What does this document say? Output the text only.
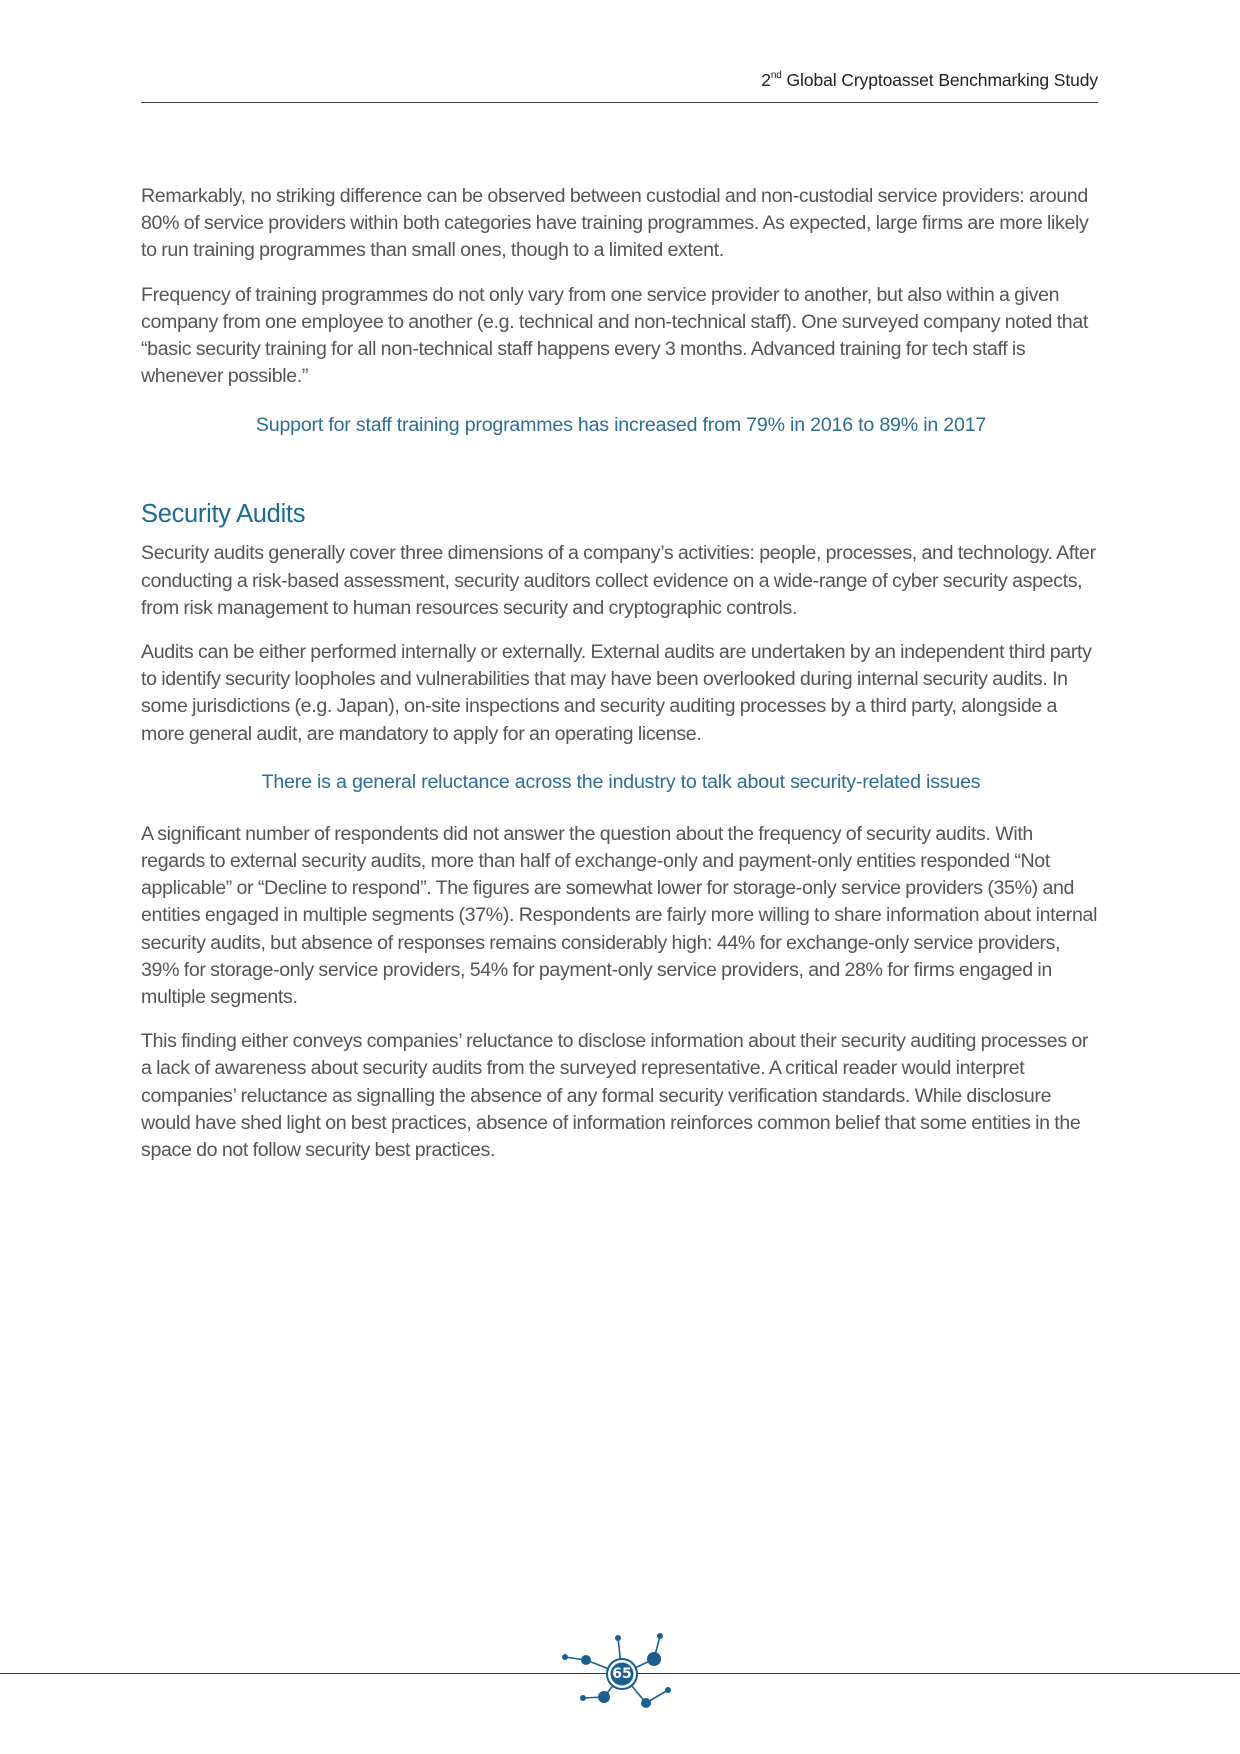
2nd Global Cryptoasset Benchmarking Study

Remarkably, no striking difference can be observed between custodial and non-custodial service providers: around 80% of service providers within both categories have training programmes. As expected, large firms are more likely to run training programmes than small ones, though to a limited extent.

Frequency of training programmes do not only vary from one service provider to another, but also within a given company from one employee to another (e.g. technical and non-technical staff). One surveyed company noted that “basic security training for all non-technical staff happens every 3 months. Advanced training for tech staff is whenever possible.”

Support for staff training programmes has increased from 79% in 2016 to 89% in 2017

Security Audits

Security audits generally cover three dimensions of a company’s activities: people, processes, and technology. After conducting a risk-based assessment, security auditors collect evidence on a wide-range of cyber security aspects, from risk management to human resources security and cryptographic controls.

Audits can be either performed internally or externally. External audits are undertaken by an independent third party to identify security loopholes and vulnerabilities that may have been overlooked during internal security audits. In some jurisdictions (e.g. Japan), on-site inspections and security auditing processes by a third party, alongside a more general audit, are mandatory to apply for an operating license.

There is a general reluctance across the industry to talk about security-related issues

A significant number of respondents did not answer the question about the frequency of security audits. With regards to external security audits, more than half of exchange-only and payment-only entities responded “Not applicable” or “Decline to respond”. The figures are somewhat lower for storage-only service providers (35%) and entities engaged in multiple segments (37%). Respondents are fairly more willing to share information about internal security audits, but absence of responses remains considerably high: 44% for exchange-only service providers, 39% for storage-only service providers, 54% for payment-only service providers, and 28% for firms engaged in multiple segments.

This finding either conveys companies’ reluctance to disclose information about their security auditing processes or a lack of awareness about security audits from the surveyed representative. A critical reader would interpret companies’ reluctance as signalling the absence of any formal security verification standards. While disclosure would have shed light on best practices, absence of information reinforces common belief that some entities in the space do not follow security best practices.

65
